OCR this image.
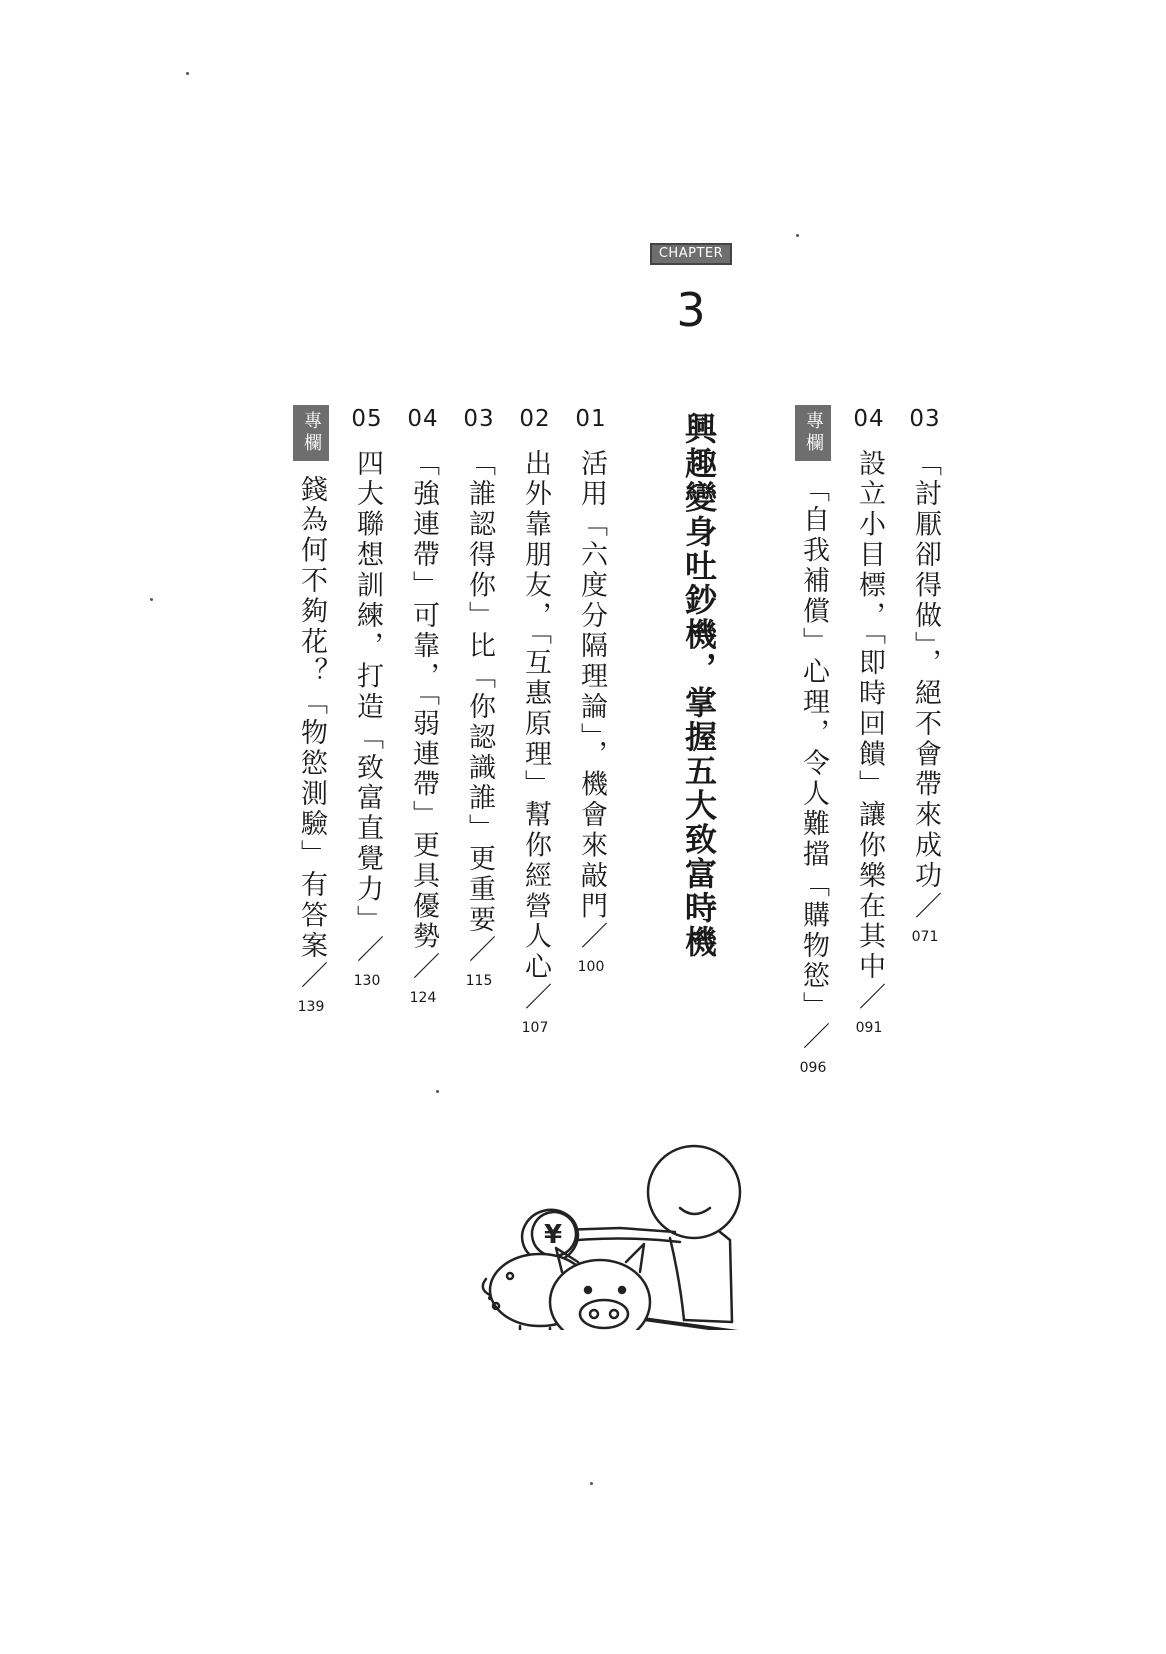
CHAPTER
3
03
「討厭卻得做」，絕不會帶來成功／
071
04
設立小目標，「即時回饋」讓你樂在其中／
091
專欄
「自我補償」心理，令人難擋「購物慾」／
096
興趣變身吐鈔機，掌握五大致富時機
01
活用「六度分隔理論」，機會來敲門／
100
02
出外靠朋友，「互惠原理」幫你經營人心／
107
03
「誰認得你」比「你認識誰」更重要／
115
04
「強連帶」可靠，「弱連帶」更具優勢／
124
05
四大聯想訓練，打造「致富直覺力」／
130
專欄
錢為何不夠花？「物慾測驗」有答案／
139
¥
